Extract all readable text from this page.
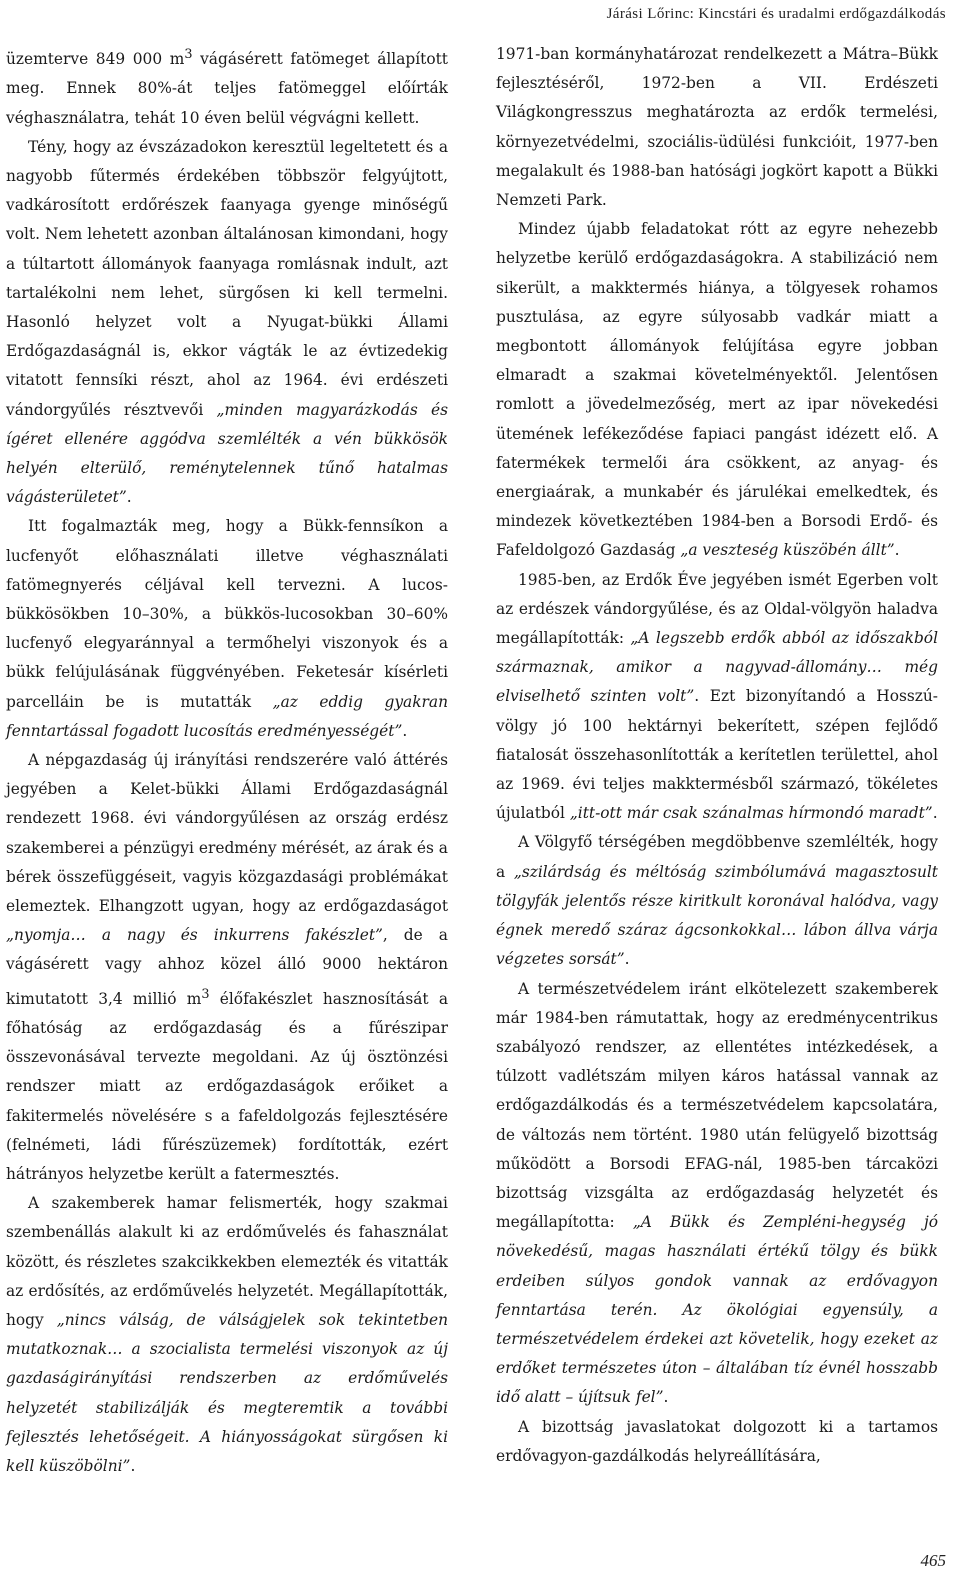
Járási Lőrinc: Kincstári és uradalmi erdőgazdálkodás

üzemterve 849 000 $m^3$ vágásérett fatömeget állapított meg. Ennek 80%-át teljes fatömeggel előírták véghasználatra, tehát 10 éven belül végvágni kellett.

Tény, hogy az évszázadokon keresztül legeltetett és a nagyobb fűtermés érdekében többször felgyújtott, vadkárosított erdőrészek faanyaga gyenge minőségű volt. Nem lehetett azonban általánosan kimondani, hogy a túltartott állományok faanyaga romlásnak indult, azt tartalékolni nem lehet, sürgősen ki kell termelni. Hasonló helyzet volt a Nyugat-bükki Állami Erdőgazdaságnál is, ekkor vágták le az évtizedekig vitatott fennsíki részt, ahol az 1964. évi erdészeti vándorgyűlés résztvevői „minden magyarázkodás és ígéret ellenére aggódva szemlélték a vén bükkösök helyén elterülő, reménytelennek tűnő hatalmas vágásterületet”.

Itt fogalmazták meg, hogy a Bükk-fennsíkon a lucfenyőt előhasználati illetve véghasználati fatömegnyerés céljával kell tervezni. A lucos-bükkösökben 10–30%, a bükkös-lucosokban 30–60% lucfenyő elegyaránnyal a termőhelyi viszonyok és a bükk felújulásának függvényében. Feketesár kísérleti parcelláin be is mutatták „az eddig gyakran fenntartással fogadott lucosítás eredményességét”.

A népgazdaság új irányítási rendszerére való áttérés jegyében a Kelet-bükki Állami Erdőgazdaságnál rendezett 1968. évi vándorgyűlésen az ország erdész szakemberei a pénzügyi eredmény mérését, az árak és a bérek összefüggéseit, vagyis közgazdasági problémákat elemeztek. Elhangzott ugyan, hogy az erdőgazdaságot „nyomja… a nagy és inkurrens fakészlet”, de a vágásérett vagy ahhoz közel álló 9000 hektáron kimutatott 3,4 millió $m^3$ élőfakészlet hasznosítását a főhatóság az erdőgazdaság és a fűrészipar összevonásával tervezte megoldani. Az új ösztönzési rendszer miatt az erdőgazdaságok erőiket a fakitermelés növelésére s a fafeldolgozás fejlesztésére (felnémeti, ládi fűrészüzemek) fordították, ezért hátrányos helyzetbe került a fatermesztés.

A szakemberek hamar felismerték, hogy szakmai szembenállás alakult ki az erdőművelés és fahasználat között, és részletes szakcikkekben elemezték és vitatták az erdősítés, az erdőművelés helyzetét. Megállapították, hogy „nincs válság, de válságjelek sok tekintetben mutatkoznak… a szocialista termelési viszonyok az új gazdaságirányítási rendszerben az erdőművelés helyzetét stabilizálják és megteremtik a további fejlesztés lehetőségeit. A hiányosságokat sürgősen ki kell küszöbölni”.

1971-ban kormányhatározat rendelkezett a Mátra–Bükk fejlesztéséről, 1972-ben a VII. Erdészeti Világkongresszus meghatározta az erdők termelési, környezetvédelmi, szociális-üdülési funkcióit, 1977-ben megalakult és 1988-ban hatósági jogkört kapott a Bükki Nemzeti Park.

Mindez újabb feladatokat rótt az egyre nehezebb helyzetbe kerülő erdőgazdaságokra. A stabilizáció nem sikerült, a makktermés hiánya, a tölgyesek rohamos pusztulása, az egyre súlyosabb vadkár miatt a megbontott állományok felújítása egyre jobban elmaradt a szakmai követelményektől. Jelentősen romlott a jövedelmezőség, mert az ipar növekedési ütemének lefékeződése fapiaci pangást idézett elő. A fatermékek termelői ára csökkent, az anyag- és energiaárak, a munkabér és járulékai emelkedtek, és mindezek következtében 1984-ben a Borsodi Erdő- és Fafeldolgozó Gazdaság „a veszteség küszöbén állt”.

1985-ben, az Erdők Éve jegyében ismét Egerben volt az erdészek vándorgyűlése, és az Oldal-völgyön haladva megállapították: „A legszebb erdők abból az időszakból származnak, amikor a nagyvad-állomány… még elviselhető szinten volt”. Ezt bizonyítandó a Hosszú-völgy jó 100 hektárnyi bekerített, szépen fejlődő fiatalosát összehasonlították a kerítetlen területtel, ahol az 1969. évi teljes makktermésből származó, tökéletes újulatból „itt-ott már csak szánalmas hírmondó maradt”.

A Völgyfő térségében megdöbbenve szemlélték, hogy a „szilárdság és méltóság szimbólumává magasztosult tölgyfák jelentős része kiritkult koronával halódva, vagy égnek meredő száraz ágcsonkokkal… lábon állva várja végzetes sorsát”.

A természetvédelem iránt elkötelezett szakemberek már 1984-ben rámutattak, hogy az eredménycentrikus szabályozó rendszer, az ellentétes intézkedések, a túlzott vadlétszám milyen káros hatással vannak az erdőgazdálkodás és a természetvédelem kapcsolatára, de változás nem történt. 1980 után felügyelő bizottság működött a Borsodi EFAG-nál, 1985-ben tárcaközi bizottság vizsgálta az erdőgazdaság helyzetét és megállapította: „A Bükk és Zempléni-hegység jó növekedésű, magas használati értékű tölgy és bükk erdeiben súlyos gondok vannak az erdővagyon fenntartása terén. Az ökológiai egyensúly, a természetvédelem érdekei azt követelik, hogy ezeket az erdőket természetes úton – általában tíz évnél hosszabb idő alatt – újítsuk fel”.

A bizottság javaslatokat dolgozott ki a tartamos erdővagyon-gazdálkodás helyreállítására,

465
